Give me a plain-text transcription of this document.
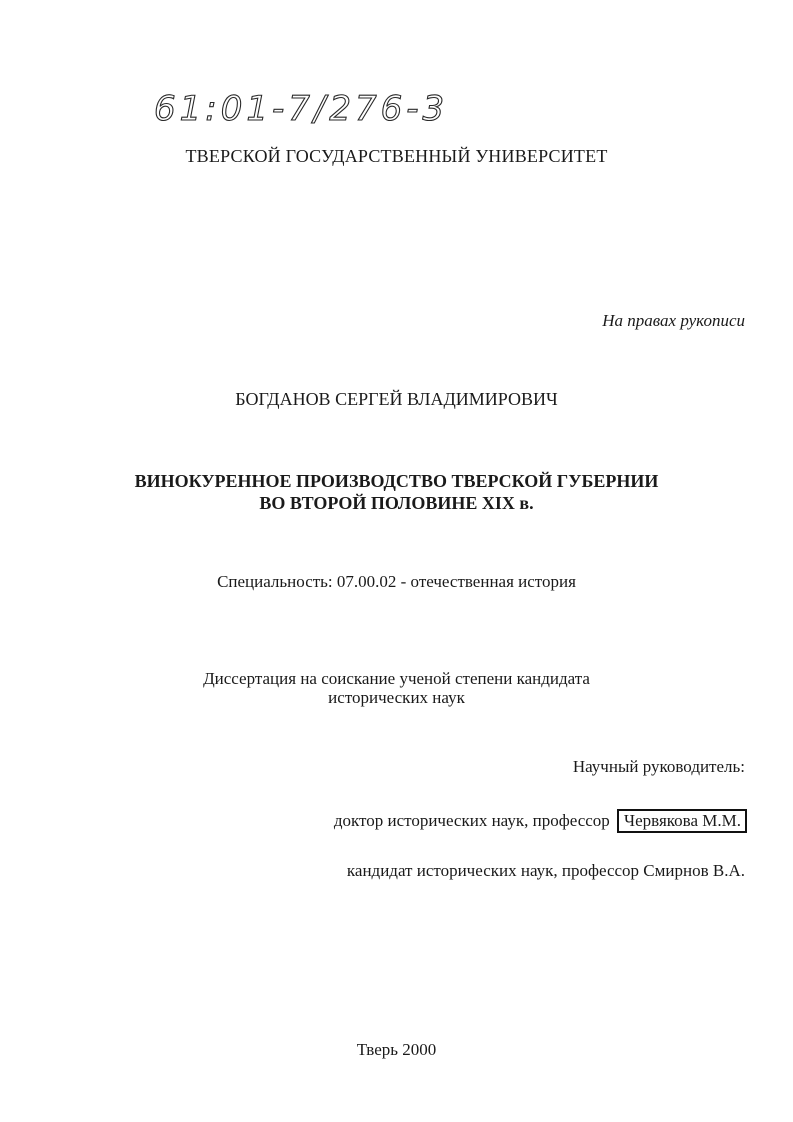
61:01-7/276-3
ТВЕРСКОЙ ГОСУДАРСТВЕННЫЙ УНИВЕРСИТЕТ
На правах рукописи
БОГДАНОВ СЕРГЕЙ ВЛАДИМИРОВИЧ
ВИНОКУРЕННОЕ ПРОИЗВОДСТВО ТВЕРСКОЙ ГУБЕРНИИ
ВО ВТОРОЙ ПОЛОВИНЕ XIX в.
Специальность: 07.00.02 - отечественная история
Диссертация на соискание ученой степени кандидата
исторических наук
Научный руководитель:
доктор исторических наук, профессор Червякова М.М.
кандидат исторических наук, профессор Смирнов В.А.
Тверь 2000
